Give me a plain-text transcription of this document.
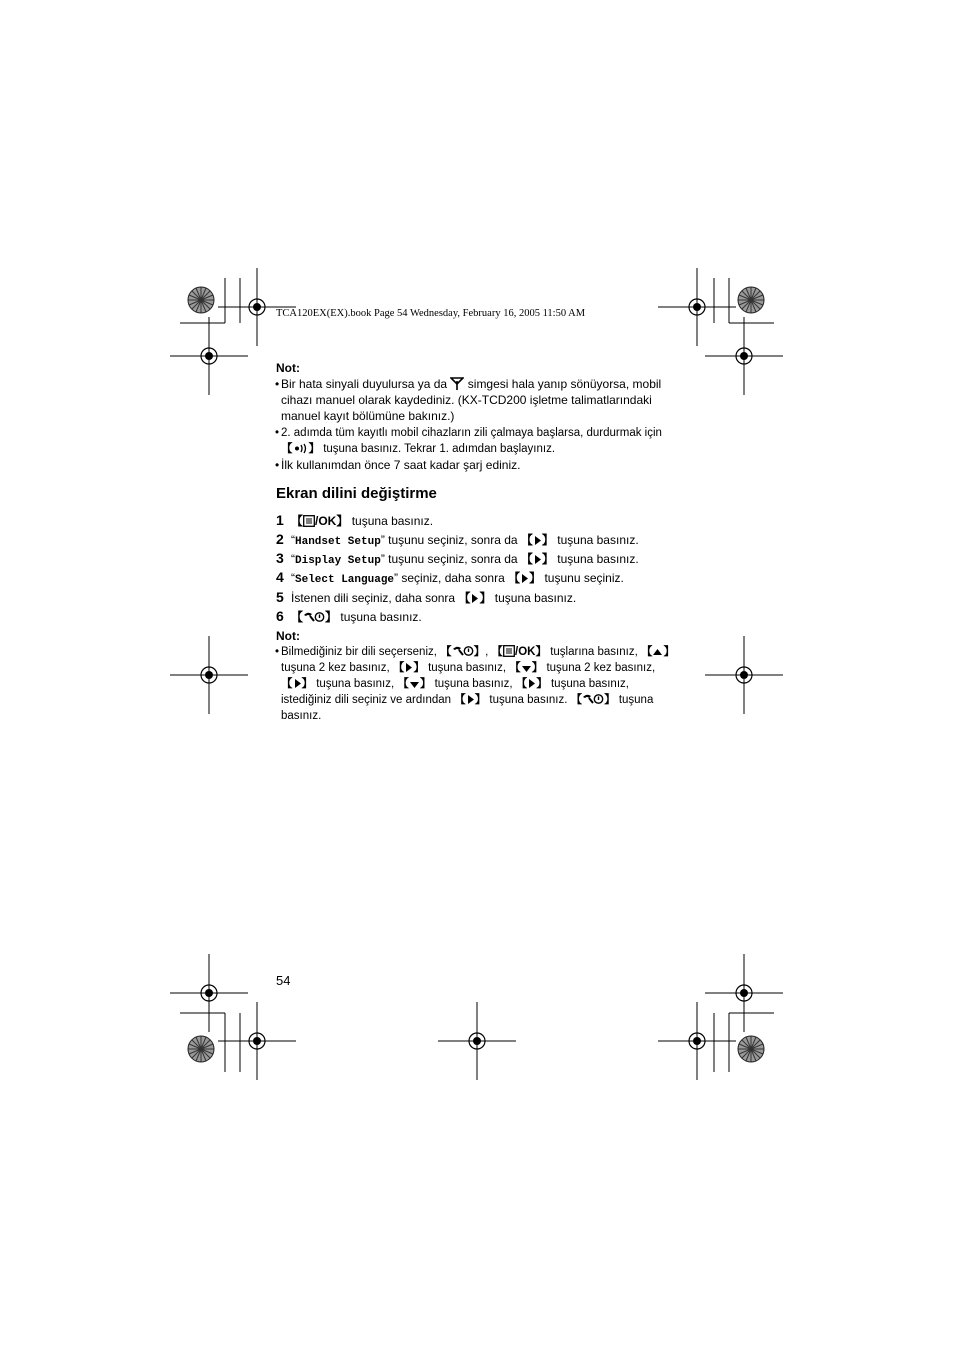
TCA120EX(EX).book Page 54 Wednesday, February 16, 2005 11:50 AM
Not:
• Bir hata sinyali duyulursa ya da  simgesi hala yanıp sönüyorsa, mobil
cihazı manuel olarak kaydediniz. (KX-TCD200 işletme talimatlarındaki
manuel kayıt bölümüne bakınız.)
• 2. adımda tüm kayıtlı mobil cihazların zili çalmaya başlarsa, durdurmak için
【 】 tuşuna basınız. Tekrar 1. adımdan başlayınız.
• İlk kullanımdan önce 7 saat kadar şarj ediniz.
Ekran dilini değiştirme
1 【 /OK】 tuşuna basınız.
2 “Handset Setup” tuşunu seçiniz, sonra da 【 】 tuşuna basınız.
3 “Display Setup” tuşunu seçiniz, sonra da 【 】 tuşuna basınız.
4 “Select Language” seçiniz, daha sonra 【 】 tuşunu seçiniz.
5 İstenen dili seçiniz, daha sonra 【 】 tuşuna basınız.
6 【 】 tuşuna basınız.
Not:
• Bilmediğiniz bir dili seçerseniz, 【 】, 【 /OK】 tuşlarına basınız, 【 】
tuşuna 2 kez basınız, 【 】 tuşuna basınız, 【 】 tuşuna 2 kez basınız,
【 】 tuşuna basınız, 【 】 tuşuna basınız, 【 】 tuşuna basınız,
istediğiniz dili seçiniz ve ardından 【 】 tuşuna basınız. 【 】 tuşuna
basınız.
54
